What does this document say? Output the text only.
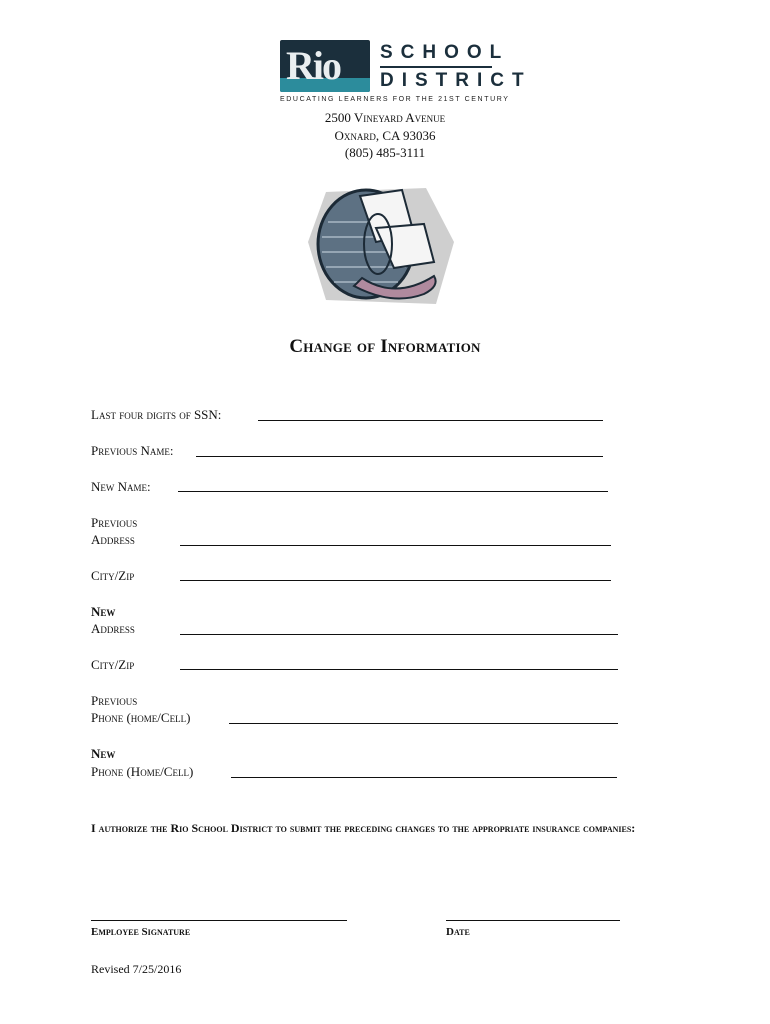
Rio SCHOOL
DISTRICT
EDUCATING LEARNERS FOR THE 21ST CENTURY
2500 Vineyard Avenue
Oxnard, CA 93036
(805) 485-3111
Change of Information
Last four digits of SSN:
Previous Name:
New Name:
Previous
Address
City/Zip
New
Address
City/Zip
Previous
Phone (home/Cell)
New
Phone (Home/Cell)
I authorize the Rio School District to submit the preceding changes to the appropriate insurance companies:
Employee Signature	Date
Revised 7/25/2016
